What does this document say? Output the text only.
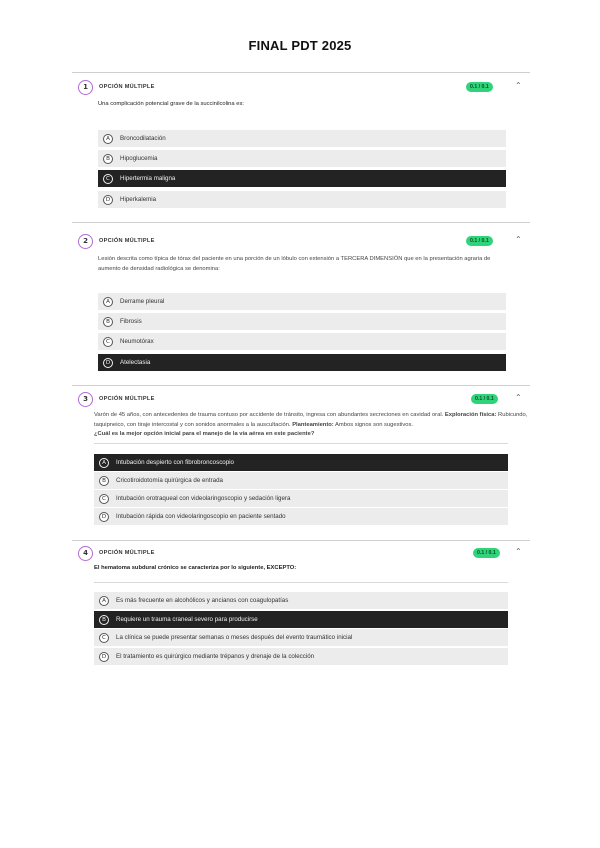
FINAL PDT 2025
1	OPCIÓN MÚLTIPLE	0.1 / 0.1	⌃
Una complicación potencial grave de la succinilcolina es:
A	Broncodilatación
B	Hipoglucemia
C	Hipertermia maligna
D	Hiperkalemia
2	OPCIÓN MÚLTIPLE	0.1 / 0.1	⌃
Lesión descrita como típica de tórax del paciente en una porción de un lóbulo con extensión a TERCERA DIMENSIÓN que en la presentación agraria de aumento de densidad radiológica se denomina:
A	Derrame pleural
B	Fibrosis
C	Neumotórax
D	Atelectasia
3	OPCIÓN MÚLTIPLE	0.1 / 0.1	⌃
Varón de 45 años, con antecedentes de trauma contuso por accidente de tránsito, ingresa con abundantes secreciones en cavidad oral. Exploración física: Rubicundo, taquipneico, con tiraje intercostal y con sonidos anormales a la auscultación. Planteamiento: Ambos signos son sugestivos.
¿Cuál es la mejor opción inicial para el manejo de la vía aérea en este paciente?
A	Intubación despierto con fibrobroncoscopio
B	Cricotiroidotomía quirúrgica de entrada
C	Intubación orotraqueal con videolaringoscopio y sedación ligera
D	Intubación rápida con videolaringoscopio en paciente sentado
4	OPCIÓN MÚLTIPLE	0.1 / 0.1	⌃
El hematoma subdural crónico se caracteriza por lo siguiente, EXCEPTO:
A	Es más frecuente en alcohólicos y ancianos con coagulopatías
B	Requiere un trauma craneal severo para producirse
C	La clínica se puede presentar semanas o meses después del evento traumático inicial
D	El tratamiento es quirúrgico mediante trépanos y drenaje de la colección
